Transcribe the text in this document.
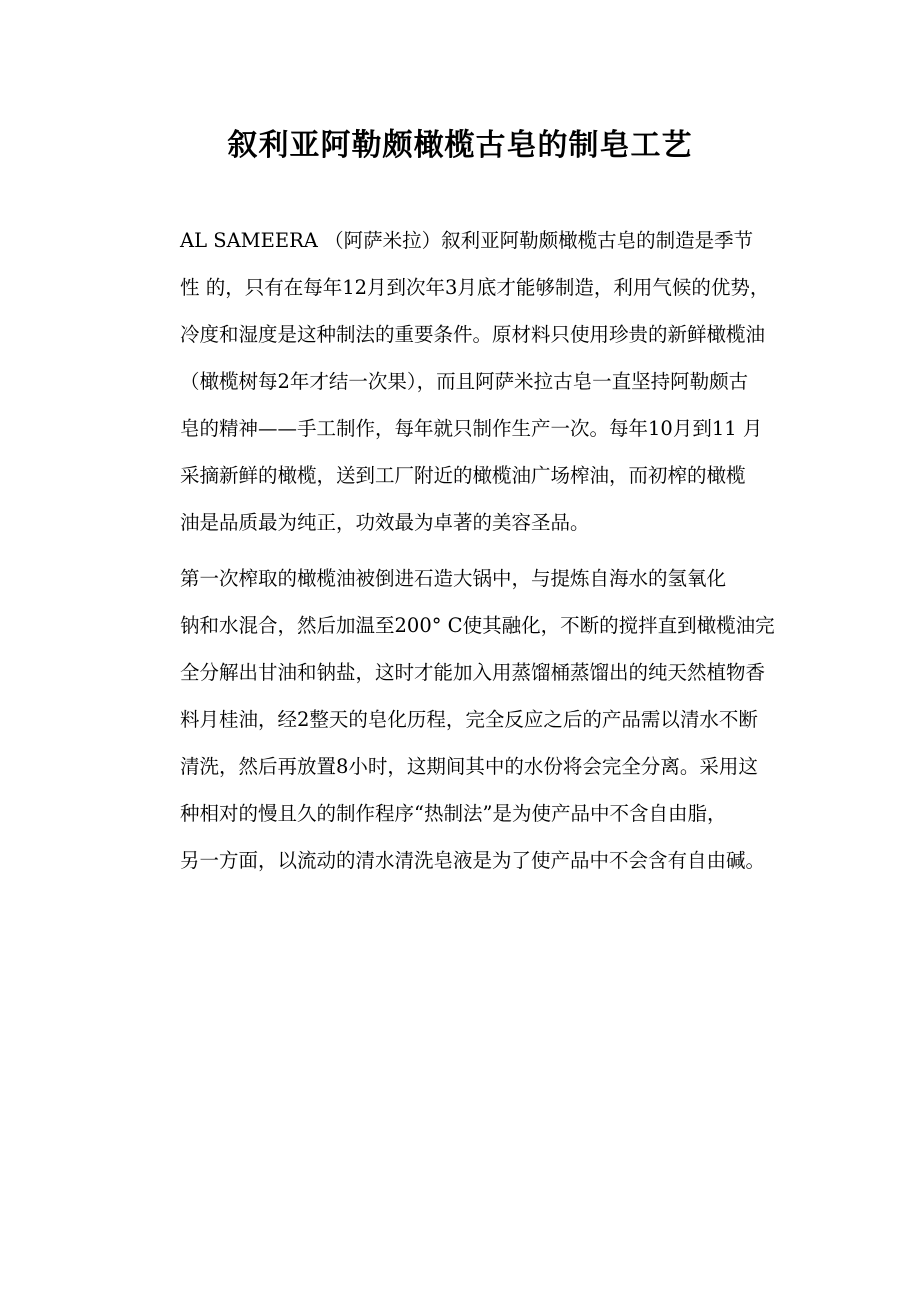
叙利亚阿勒颇橄榄古皂的制皂工艺

AL SAMEERA （阿萨米拉）叙利亚阿勒颇橄榄古皂的制造是季节
性 的，只有在每年12月到次年3月底才能够制造，利用气候的优势，
冷度和湿度是这种制法的重要条件。原材料只使用珍贵的新鲜橄榄油
（橄榄树每2年才结一次果），而且阿萨米拉古皂一直坚持阿勒颇古
皂的精神——手工制作，每年就只制作生产一次。每年10月到11 月
采摘新鲜的橄榄，送到工厂附近的橄榄油广场榨油，而初榨的橄榄
油是品质最为纯正，功效最为卓著的美容圣品。

第一次榨取的橄榄油被倒进石造大锅中，与提炼自海水的氢氧化
钠和水混合，然后加温至200° C使其融化，不断的搅拌直到橄榄油完
全分解出甘油和钠盐，这时才能加入用蒸馏桶蒸馏出的纯天然植物香
料月桂油，经2整天的皂化历程，完全反应之后的产品需以清水不断
清洗，然后再放置8小时，这期间其中的水份将会完全分离。采用这
种相对的慢且久的制作程序“热制法”是为使产品中不含自由脂，
另一方面，以流动的清水清洗皂液是为了使产品中不会含有自由碱。
